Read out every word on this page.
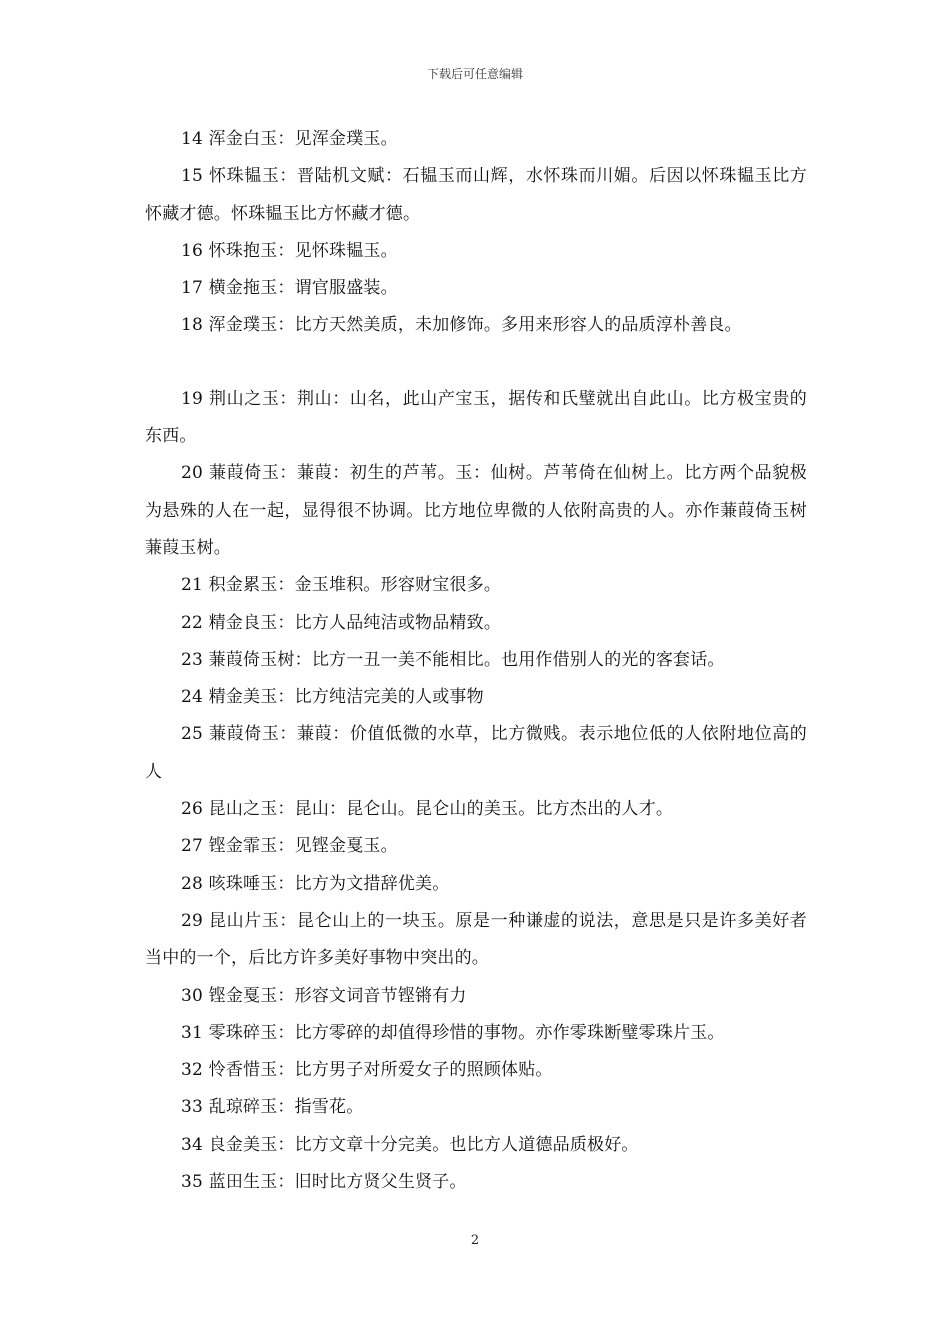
下载后可任意编辑

14 浑金白玉：见浑金璞玉。

15 怀珠韫玉：晋陆机文赋：石韫玉而山辉，水怀珠而川媚。后因以怀珠韫玉比方怀藏才德。怀珠韫玉比方怀藏才德。

16 怀珠抱玉：见怀珠韫玉。

17 横金拖玉：谓官服盛装。

18 浑金璞玉：比方天然美质，未加修饰。多用来形容人的品质淳朴善良。

19 荆山之玉：荆山：山名，此山产宝玉，据传和氏璧就出自此山。比方极宝贵的东西。

20 蒹葭倚玉：蒹葭：初生的芦苇。玉：仙树。芦苇倚在仙树上。比方两个品貌极为悬殊的人在一起，显得很不协调。比方地位卑微的人依附高贵的人。亦作蒹葭倚玉树蒹葭玉树。

21 积金累玉：金玉堆积。形容财宝很多。

22 精金良玉：比方人品纯洁或物品精致。

23 蒹葭倚玉树：比方一丑一美不能相比。也用作借别人的光的客套话。

24 精金美玉：比方纯洁完美的人或事物

25 蒹葭倚玉：蒹葭：价值低微的水草，比方微贱。表示地位低的人依附地位高的人

26 昆山之玉：昆山：昆仑山。昆仑山的美玉。比方杰出的人才。

27 铿金霏玉：见铿金戛玉。

28 咳珠唾玉：比方为文措辞优美。

29 昆山片玉：昆仑山上的一块玉。原是一种谦虚的说法，意思是只是许多美好者当中的一个，后比方许多美好事物中突出的。

30 铿金戛玉：形容文词音节铿锵有力

31 零珠碎玉：比方零碎的却值得珍惜的事物。亦作零珠断璧零珠片玉。

32 怜香惜玉：比方男子对所爱女子的照顾体贴。

33 乱琼碎玉：指雪花。

34 良金美玉：比方文章十分完美。也比方人道德品质极好。

35 蓝田生玉：旧时比方贤父生贤子。

2
